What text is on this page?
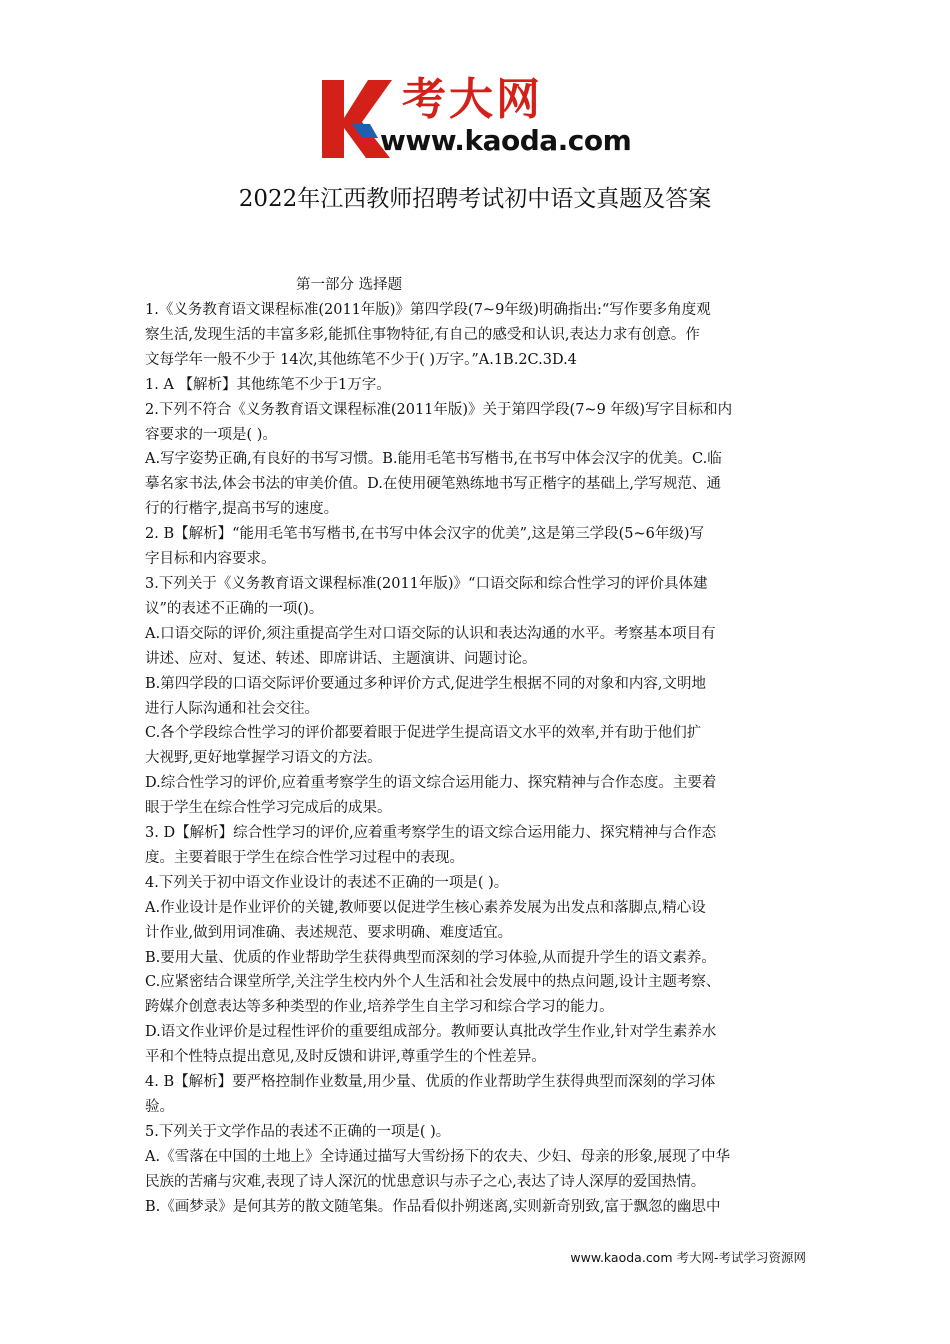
考大网
www.kaoda.com
2022年江西教师招聘考试初中语文真题及答案
第一部分 选择题
1.《义务教育语文课程标准(2011年版)》第四学段(7~9年级)明确指出:“写作要多角度观
察生活,发现生活的丰富多彩,能抓住事物特征,有自己的感受和认识,表达力求有创意。作
文每学年一般不少于 14次,其他练笔不少于( )万字。”A.1B.2C.3D.4
1. A 【解析】其他练笔不少于1万字。
2.下列不符合《义务教育语文课程标准(2011年版)》关于第四学段(7~9 年级)写字目标和内
容要求的一项是( )。
A.写字姿势正确,有良好的书写习惯。B.能用毛笔书写楷书,在书写中体会汉字的优美。C.临
摹名家书法,体会书法的审美价值。D.在使用硬笔熟练地书写正楷字的基础上,学写规范、通
行的行楷字,提高书写的速度。
2. B【解析】“能用毛笔书写楷书,在书写中体会汉字的优美”,这是第三学段(5~6年级)写
字目标和内容要求。
3.下列关于《义务教育语文课程标准(2011年版)》“口语交际和综合性学习的评价具体建
议”的表述不正确的一项()。
A.口语交际的评价,须注重提高学生对口语交际的认识和表达沟通的水平。考察基本项目有
讲述、应对、复述、转述、即席讲话、主题演讲、问题讨论。
B.第四学段的口语交际评价要通过多种评价方式,促进学生根据不同的对象和内容,文明地
进行人际沟通和社会交往。
C.各个学段综合性学习的评价都要着眼于促进学生提高语文水平的效率,并有助于他们扩
大视野,更好地掌握学习语文的方法。
D.综合性学习的评价,应着重考察学生的语文综合运用能力、探究精神与合作态度。主要着
眼于学生在综合性学习完成后的成果。
3. D【解析】综合性学习的评价,应着重考察学生的语文综合运用能力、探究精神与合作态
度。主要着眼于学生在综合性学习过程中的表现。
4.下列关于初中语文作业设计的表述不正确的一项是( )。
A.作业设计是作业评价的关键,教师要以促进学生核心素养发展为出发点和落脚点,精心设
计作业,做到用词准确、表述规范、要求明确、难度适宜。
B.要用大量、优质的作业帮助学生获得典型而深刻的学习体验,从而提升学生的语文素养。
C.应紧密结合课堂所学,关注学生校内外个人生活和社会发展中的热点问题,设计主题考察、
跨媒介创意表达等多种类型的作业,培养学生自主学习和综合学习的能力。
D.语文作业评价是过程性评价的重要组成部分。教师要认真批改学生作业,针对学生素养水
平和个性特点提出意见,及时反馈和讲评,尊重学生的个性差异。
4. B【解析】要严格控制作业数量,用少量、优质的作业帮助学生获得典型而深刻的学习体
验。
5.下列关于文学作品的表述不正确的一项是( )。
A.《雪落在中国的土地上》全诗通过描写大雪纷扬下的农夫、少妇、母亲的形象,展现了中华
民族的苦痛与灾难,表现了诗人深沉的忧患意识与赤子之心,表达了诗人深厚的爱国热情。
B.《画梦录》是何其芳的散文随笔集。作品看似扑朔迷离,实则新奇别致,富于飘忽的幽思中
www.kaoda.com 考大网-考试学习资源网
